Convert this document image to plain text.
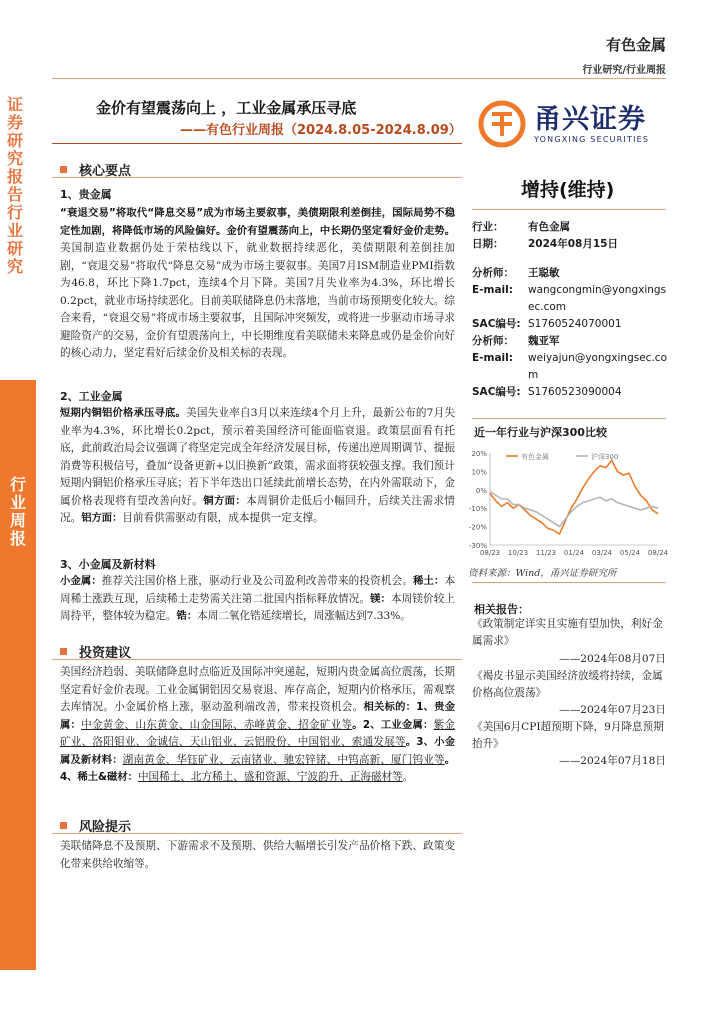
证券研究报告 行业研究
行业周报
有色金属
行业研究/行业周报
金价有望震荡向上 ，工业金属承压寻底
——有色行业周报（2024.8.05-2024.8.09）	甬兴证券
YONGXING SECURITIES
增持(维持)
行业：	有色金属
日期：	2024年08月15日
分析师：	王聪敏
E-mail:	wangcongmin@yongxingsec.com
SAC编号: S1760524070001
分析师：	魏亚军
E-mail:	weiyajun@yongxingsec.com
SAC编号: S1760523090004
近一年行业与沪深300比较
20%
10%
0%
-10%
-20%
-30%
08/23 10/23 11/23 01/24 03/24 05/24 08/24
有色金属	沪深300
资料来源：Wind，甬兴证券研究所
相关报告：
《政策制定详实且实施有望加快，利好金属需求》
——2024年08月07日
《褐皮书显示美国经济放缓将持续，金属价格高位震荡》
——2024年07月23日
《美国6月CPI超预期下降，9月降息预期抬升》
——2024年07月18日
核心要点
1、贵金属
“衰退交易”将取代“降息交易”成为市场主要叙事，美债期限利差倒挂，国际局势不稳定性加剧，将降低市场的风险偏好。金价有望震荡向上，中长期仍坚定看好金价走势。美国制造业数据仍处于荣枯线以下，就业数据持续恶化，美债期限利差倒挂加剧，“衰退交易”将取代“降息交易”成为市场主要叙事。美国7月ISM制造业PMI指数为46.8，环比下降1.7pct，连续4个月下降。美国7月失业率为4.3%，环比增长0.2pct，就业市场持续恶化。目前美联储降息仍未落地，当前市场预期变化较大。综合来看，“衰退交易”将成市场主要叙事，且国际冲突频发，或将进一步驱动市场寻求避险资产的交易，金价有望震荡向上，中长期维度看美联储未来降息或仍是金价向好的核心动力，坚定看好后续金价及相关标的表现。
2、工业金属
短期内铜铝价格承压寻底。美国失业率自3月以来连续4个月上升，最新公布的7月失业率为4.3%，环比增长0.2pct，预示着美国经济可能面临衰退。政策层面看有托底，此前政治局会议强调了将坚定完成全年经济发展目标，传递出逆周期调节、提振消费等积极信号，叠加“设备更新+以旧换新”政策，需求面将获较强支撑。我们预计短期内铜铝价格承压寻底；若下半年迭出口延续此前增长态势，在内外需联动下，金属价格表现将有望改善向好。铜方面：本周铜价走低后小幅回升，后续关注需求情况。铝方面：目前看供需驱动有限，成本提供一定支撑。
3、小金属及新材料
小金属：推荐关注国价格上涨，驱动行业及公司盈利改善带来的投资机会。稀土：本周稀土涨跌互现，后续稀土走势需关注第二批国内指标释放情况。镁：本周镁价较上周持平，整体较为稳定。锆：本周二氧化锆延续增长，周涨幅达到7.33%。
投资建议
美国经济趋弱、美联储降息时点临近及国际冲突递起，短期内贵金属高位震荡，长期坚定看好金价表现。工业金属铜铝因交易衰退、库存高企，短期内价格承压，需观察去库情况。小金属价格上涨，驱动盈利端改善，带来投资机会。相关标的：1、贵金属：中金黄金、山东黄金、山金国际、赤峰黄金、招金矿业等。2、工业金属：紫金矿业、洛阳钼业、金诚信、天山铝业、云铝股份、中国铝业、索通发展等。3、小金属及新材料：湖南黄金、华钰矿业、云南锗业、驰宏锌锗、中钨高新、厦门钨业等。4、稀土&磁材：中国稀土、北方稀土、盛和资源、宁波韵升、正海磁材等。
风险提示
美联储降息不及预期、下游需求不及预期、供给大幅增长引发产品价格下跌、政策变化带来供给收缩等。
